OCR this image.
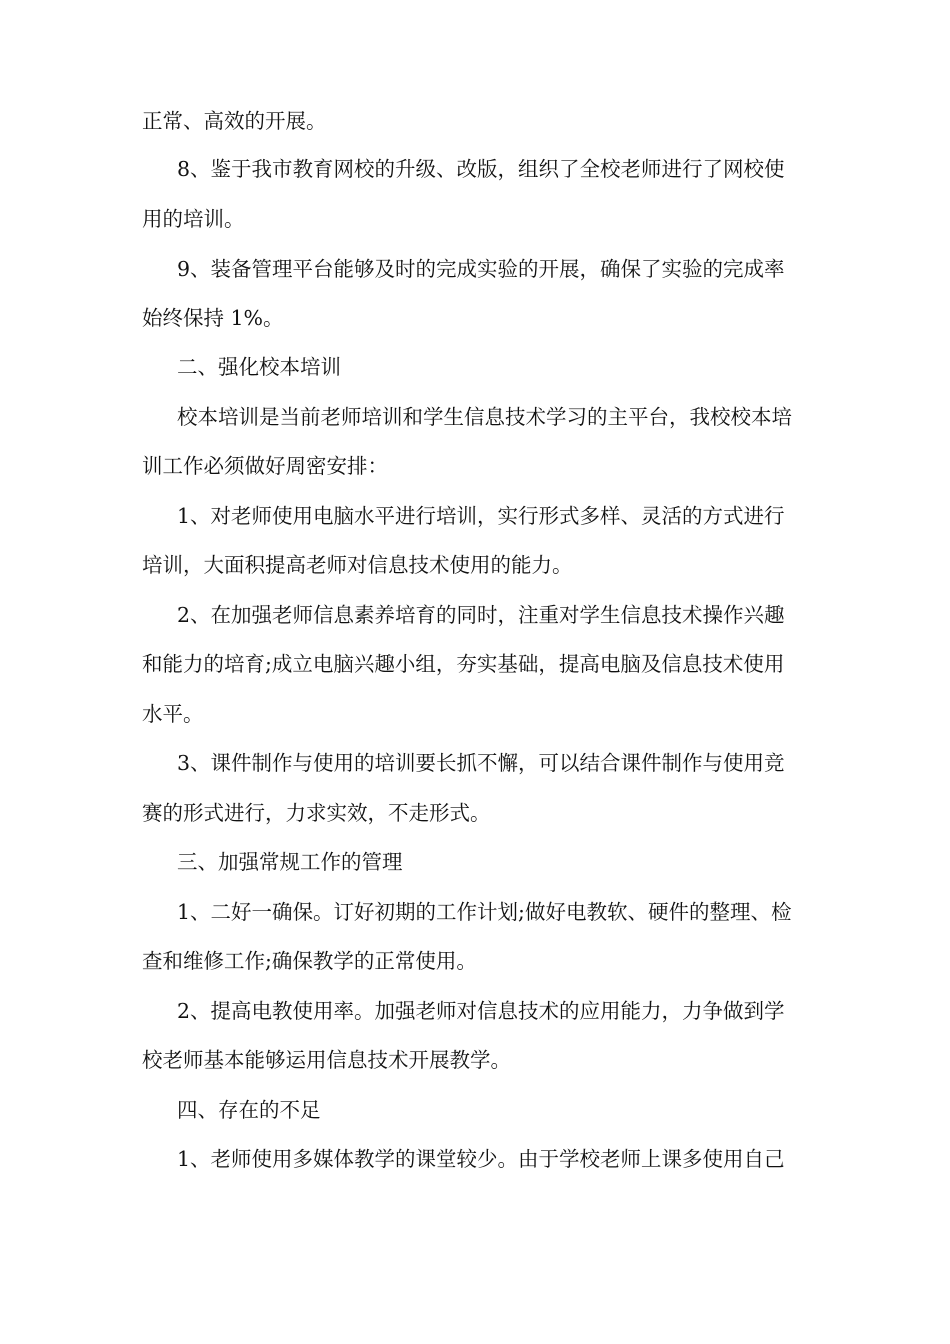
正常、高效的开展。

8、鉴于我市教育网校的升级、改版，组织了全校老师进行了网校使

用的培训。

9、装备管理平台能够及时的完成实验的开展，确保了实验的完成率

始终保持 1%。

二、强化校本培训

校本培训是当前老师培训和学生信息技术学习的主平台，我校校本培

训工作必须做好周密安排：

1、对老师使用电脑水平进行培训，实行形式多样、灵活的方式进行

培训，大面积提高老师对信息技术使用的能力。

2、在加强老师信息素养培育的同时，注重对学生信息技术操作兴趣

和能力的培育;成立电脑兴趣小组，夯实基础，提高电脑及信息技术使用

水平。

3、课件制作与使用的培训要长抓不懈，可以结合课件制作与使用竞

赛的形式进行，力求实效，不走形式。

三、加强常规工作的管理

1、二好一确保。订好初期的工作计划;做好电教软、硬件的整理、检

查和维修工作;确保教学的正常使用。

2、提高电教使用率。加强老师对信息技术的应用能力，力争做到学

校老师基本能够运用信息技术开展教学。

四、存在的不足

1、老师使用多媒体教学的课堂较少。由于学校老师上课多使用自己
